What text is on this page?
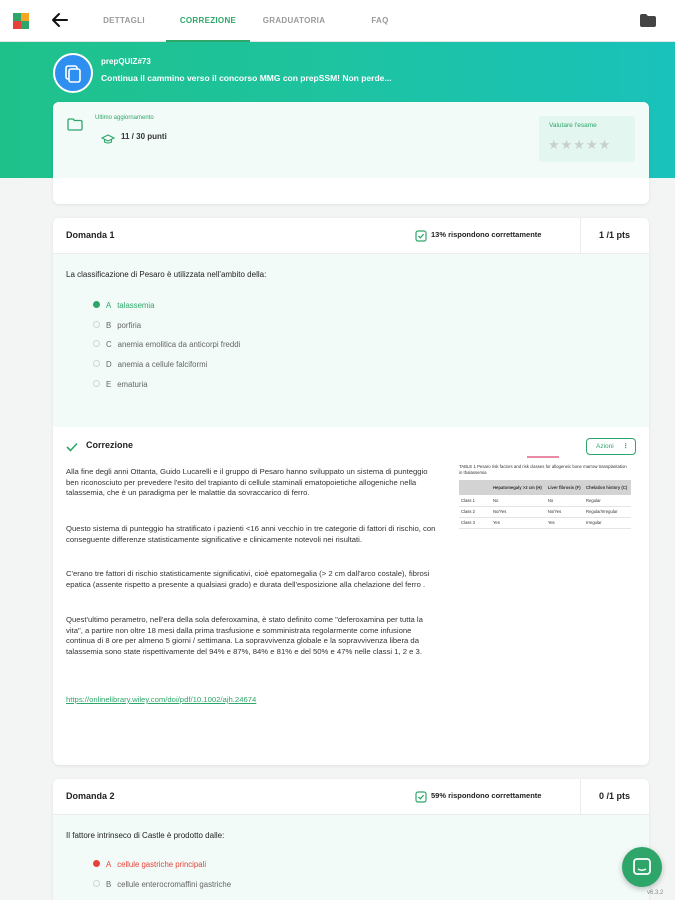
DETTAGLI	CORREZIONE	GRADUATORIA	FAQ
prepQUIZ#73
Continua il cammino verso il concorso MMG con prepSSM! Non perde...
Ultimo aggiornamento
11 / 30 punti
Valutare l'esame
★★★★★
Domanda 1	13% rispondono correttamente	1 /1 pts
La classificazione di Pesaro è utilizzata nell'ambito della:
A talassemia
B porfiria
C anemia emolitica da anticorpi freddi
D anemia a cellule falciformi
E ematuria
Correzione	Azioni ⋮
Alla fine degli anni Ottanta, Guido Lucarelli e il gruppo di Pesaro hanno sviluppato un sistema di punteggio ben riconosciuto per prevedere l'esito del trapianto di cellule staminali ematopoietiche allogeniche nella talassemia, che è un paradigma per le malattie da sovraccarico di ferro.
Questo sistema di punteggio ha stratificato i pazienti <16 anni vecchio in tre categorie di fattori di rischio, con conseguente differenze statisticamente significative e clinicamente notevoli nei risultati.
C'erano tre fattori di rischio statisticamente significativi, cioè epatomegalia (> 2 cm dall'arco costale), fibrosi epatica (assente rispetto a presente a qualsiasi grado) e durata dell'esposizione alla chelazione del ferro .
Quest'ultimo perametro, nell'era della sola deferoxamina, è stato definito come "deferoxamina per tutta la vita", a partire non oltre 18 mesi dalla prima trasfusione e somministrata regolarmente come infusione continua di 8 ore per almeno 5 giorni / settimana. La sopravvivenza globale e la sopravvivenza libera da talassemia sono state rispettivamente del 94% e 87%, 84% e 81% e del 50% e 47% nelle classi 1, 2 e 3.
https://onlinelibrary.wiley.com/doi/pdf/10.1002/ajh.24674
TABLE 1 Pesaro risk factors and risk classes for allogeneic bone marrow transplantation in thalassemia
	Hepatomegaly >2 cm (H)	Liver fibrosis (F)	Chelation history (C)
Class 1	No	No	Regular
Class 2	No/Yes	No/Yes	Regular/Irregular
Class 3	Yes	Yes	Irregular
Domanda 2	59% rispondono correttamente	0 /1 pts
Il fattore intrinseco di Castle è prodotto dalle:
A cellule gastriche principali
B cellule enterocromaffini gastriche
v6.3.2
